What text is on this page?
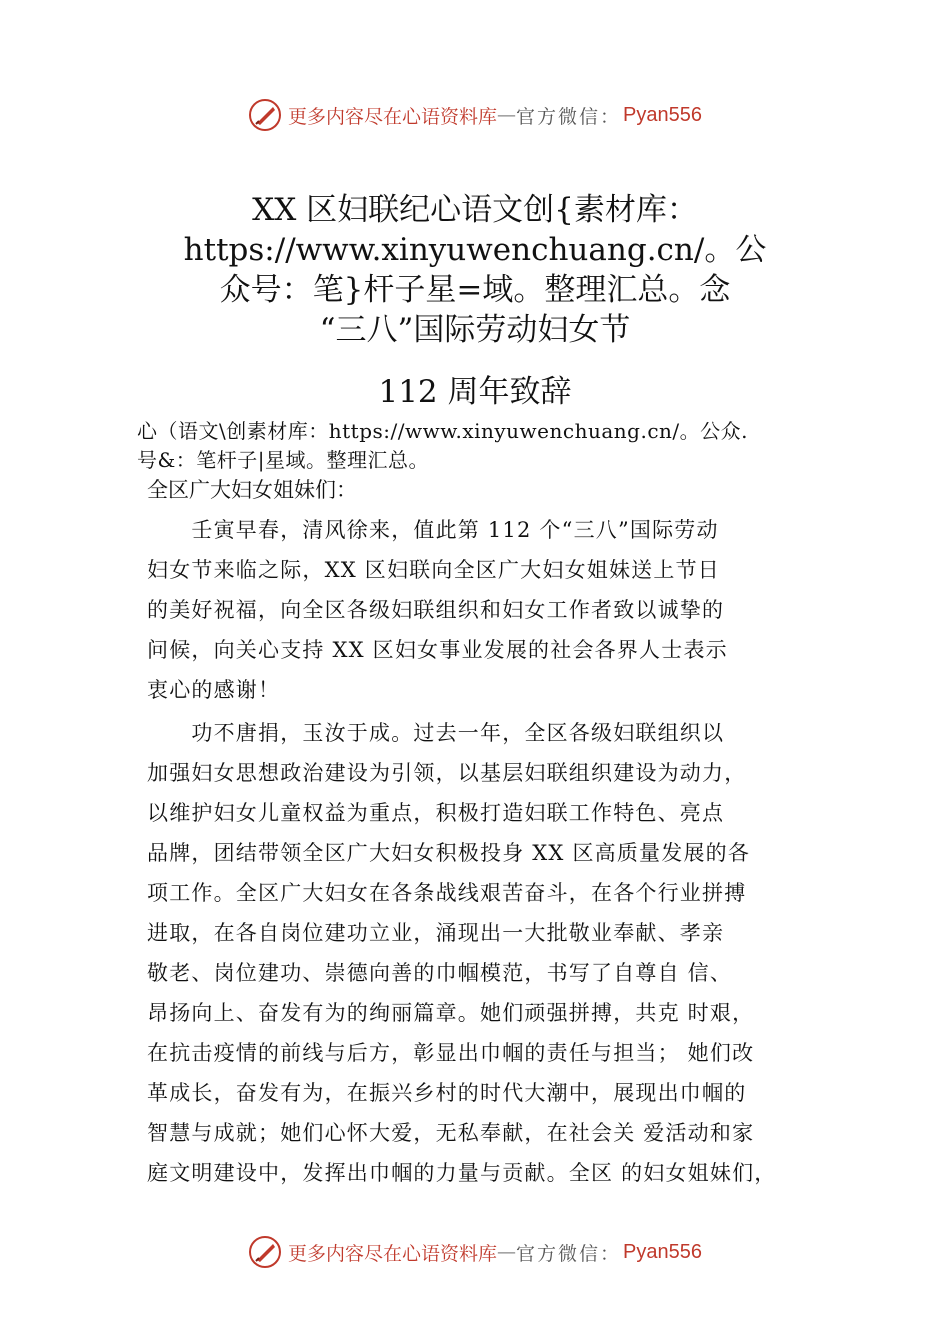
更多内容尽在心语资料库 — 官方微信： Pyan556
XX 区妇联纪心语文创{素材库：
https://www.xinyuwenchuang.cn/。公
众号：笔}杆子星=域。整理汇总。念
“三八”国际劳动妇女节
112 周年致辞
心（语文\创素材库：https://www.xinyuwenchuang.cn/。公众.
号&：笔杆子|星域。整理汇总。
全区广大妇女姐妹们：
　　壬寅早春，清风徐来，值此第 112 个“三八”国际劳动
妇女节来临之际，XX 区妇联向全区广大妇女姐妹送上节日
的美好祝福，向全区各级妇联组织和妇女工作者致以诚挚的
问候，向关心支持 XX 区妇女事业发展的社会各界人士表示
衷心的感谢！
　　功不唐捐，玉汝于成。过去一年，全区各级妇联组织以
加强妇女思想政治建设为引领，以基层妇联组织建设为动力，
以维护妇女儿童权益为重点，积极打造妇联工作特色、亮点
品牌，团结带领全区广大妇女积极投身 XX 区高质量发展的各
项工作。全区广大妇女在各条战线艰苦奋斗，在各个行业拼搏
进取，在各自岗位建功立业，涌现出一大批敬业奉献、孝亲
敬老、岗位建功、崇德向善的巾帼模范，书写了自尊自 信、
昂扬向上、奋发有为的绚丽篇章。她们顽强拼搏，共克 时艰，
在抗击疫情的前线与后方，彰显出巾帼的责任与担当； 她们改
革成长，奋发有为，在振兴乡村的时代大潮中，展现出巾帼的
智慧与成就；她们心怀大爱，无私奉献，在社会关 爱活动和家
庭文明建设中，发挥出巾帼的力量与贡献。全区 的妇女姐妹们，
更多内容尽在心语资料库 — 官方微信： Pyan556
